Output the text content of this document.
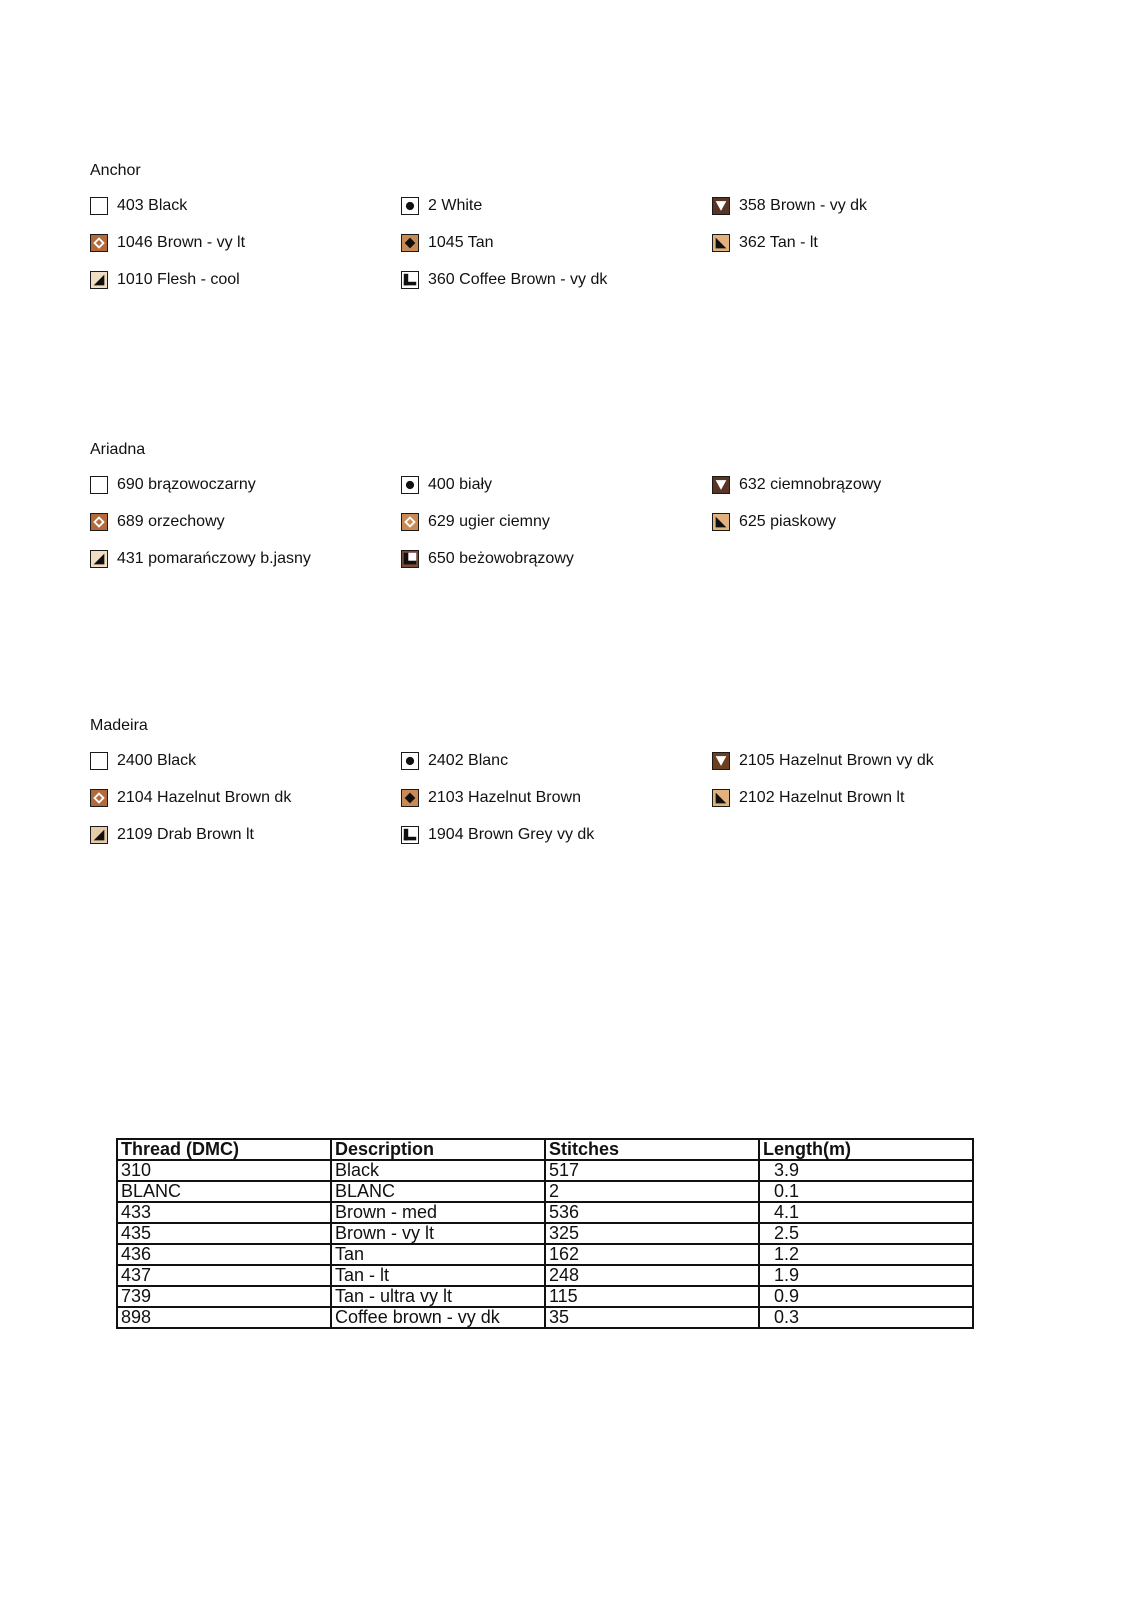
Anchor
403 Black	2 White	358 Brown - vy dk
1046 Brown - vy lt	1045 Tan	362 Tan - lt
1010 Flesh - cool	360 Coffee Brown - vy dk
Ariadna
690 brązowoczarny	400 biały	632 ciemnobrązowy
689 orzechowy	629 ugier ciemny	625 piaskowy
431 pomarańczowy b.jasny	650 beżowobrązowy
Madeira
2400 Black	2402 Blanc	2105 Hazelnut Brown vy dk
2104 Hazelnut Brown dk	2103 Hazelnut Brown	2102 Hazelnut Brown lt
2109 Drab Brown lt	1904 Brown Grey vy dk
Thread (DMC)	Description	Stitches	Length(m)
310	Black	517	3.9
BLANC	BLANC	2	0.1
433	Brown - med	536	4.1
435	Brown - vy lt	325	2.5
436	Tan	162	1.2
437	Tan - lt	248	1.9
739	Tan - ultra vy lt	115	0.9
898	Coffee brown - vy dk	35	0.3
